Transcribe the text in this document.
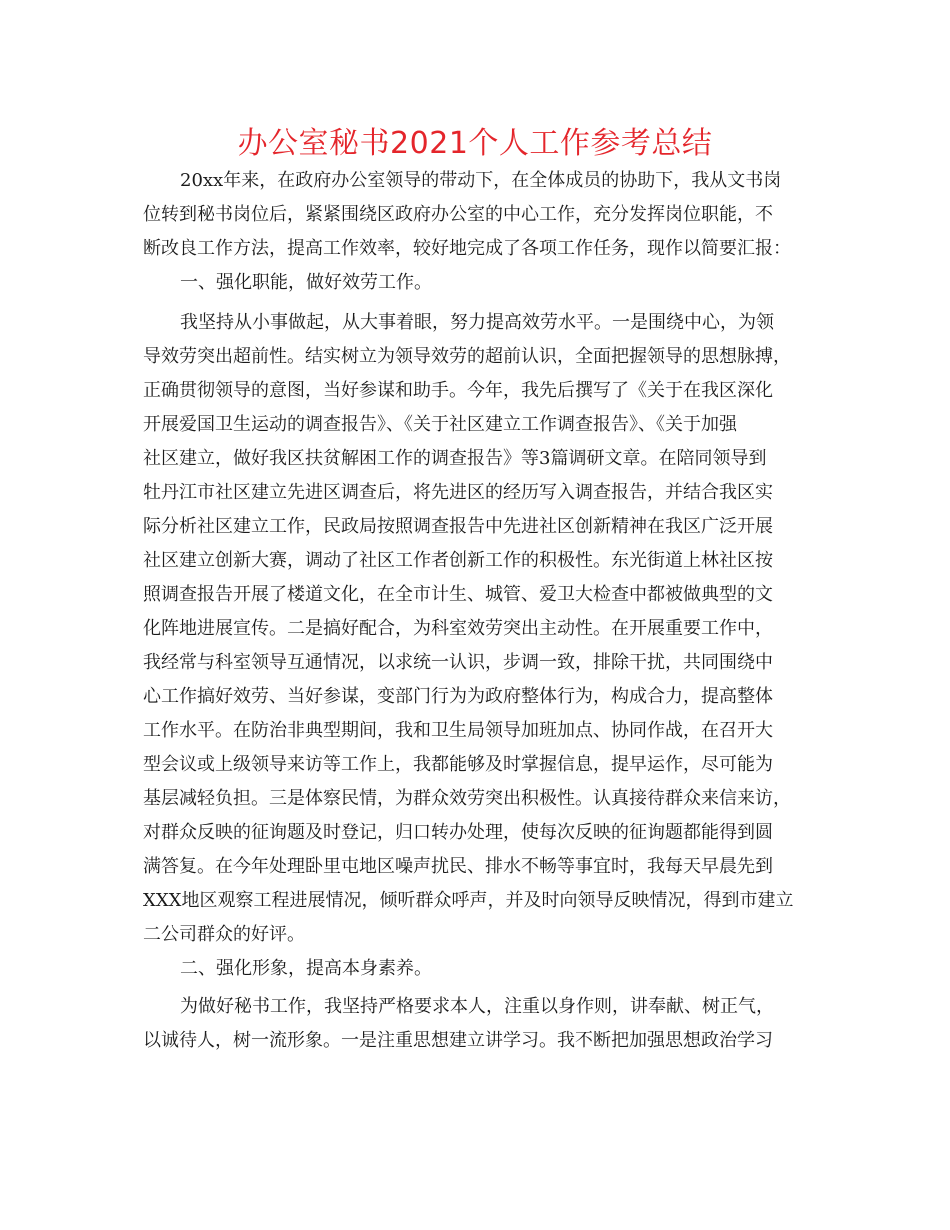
办公室秘书2021个人工作参考总结

20xx年来，在政府办公室领导的带动下，在全体成员的协助下，我从文书岗

位转到秘书岗位后，紧紧围绕区政府办公室的中心工作，充分发挥岗位职能，不

断改良工作方法，提高工作效率，较好地完成了各项工作任务，现作以简要汇报：

一、强化职能，做好效劳工作。

我坚持从小事做起，从大事着眼，努力提高效劳水平。一是围绕中心，为领

导效劳突出超前性。结实树立为领导效劳的超前认识，全面把握领导的思想脉搏，

正确贯彻领导的意图，当好参谋和助手。今年，我先后撰写了《关于在我区深化

开展爱国卫生运动的调查报告》、《关于社区建立工作调查报告》、《关于加强

社区建立，做好我区扶贫解困工作的调查报告》等3篇调研文章。在陪同领导到

牡丹江市社区建立先进区调查后，将先进区的经历写入调查报告，并结合我区实

际分析社区建立工作，民政局按照调查报告中先进社区创新精神在我区广泛开展

社区建立创新大赛，调动了社区工作者创新工作的积极性。东光街道上林社区按

照调查报告开展了楼道文化，在全市计生、城管、爱卫大检查中都被做典型的文

化阵地进展宣传。二是搞好配合，为科室效劳突出主动性。在开展重要工作中，

我经常与科室领导互通情况，以求统一认识，步调一致，排除干扰，共同围绕中

心工作搞好效劳、当好参谋，变部门行为为政府整体行为，构成合力，提高整体

工作水平。在防治非典型期间，我和卫生局领导加班加点、协同作战，在召开大

型会议或上级领导来访等工作上，我都能够及时掌握信息，提早运作，尽可能为

基层减轻负担。三是体察民情，为群众效劳突出积极性。认真接待群众来信来访，

对群众反映的征询题及时登记，归口转办处理，使每次反映的征询题都能得到圆

满答复。在今年处理卧里屯地区噪声扰民、排水不畅等事宜时，我每天早晨先到

XXX地区观察工程进展情况，倾听群众呼声，并及时向领导反映情况，得到市建立

二公司群众的好评。

二、强化形象，提高本身素养。

为做好秘书工作，我坚持严格要求本人，注重以身作则，讲奉献、树正气，

以诚待人，树一流形象。一是注重思想建立讲学习。我不断把加强思想政治学习
